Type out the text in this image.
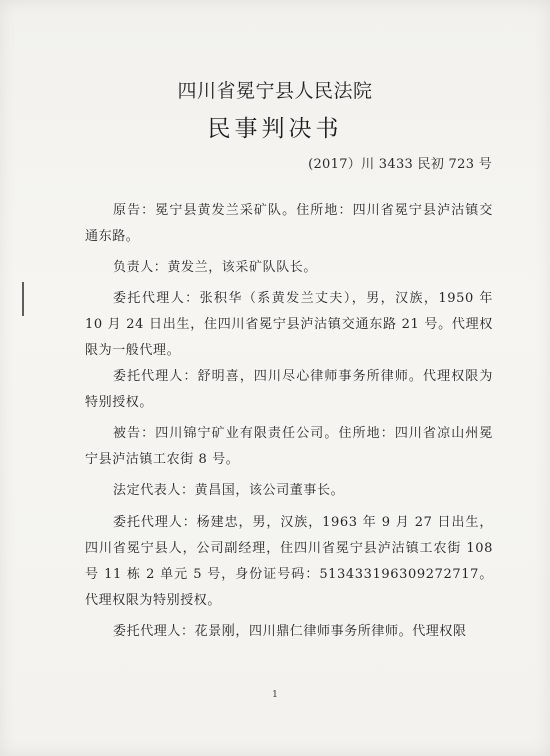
四川省冕宁县人民法院
民事判决书
(2017）川 3433 民初 723 号
原告：冕宁县黄发兰采矿队。住所地：四川省冕宁县泸沽镇交通东路。
负责人：黄发兰，该采矿队队长。
委托代理人：张积华（系黄发兰丈夫），男，汉族，1950 年 10 月 24 日出生，住四川省冕宁县泸沽镇交通东路 21 号。代理权限为一般代理。
委托代理人：舒明喜，四川尽心律师事务所律师。代理权限为特别授权。
被告：四川锦宁矿业有限责任公司。住所地：四川省凉山州冕宁县泸沽镇工农街 8 号。
法定代表人：黄昌国，该公司董事长。
委托代理人：杨建忠，男，汉族，1963 年 9 月 27 日出生，四川省冕宁县人，公司副经理，住四川省冕宁县泸沽镇工农街 108 号 11 栋 2 单元 5 号，身份证号码：513433196309272717。代理权限为特别授权。
委托代理人：花景刚，四川鼎仁律师事务所律师。代理权限
1
